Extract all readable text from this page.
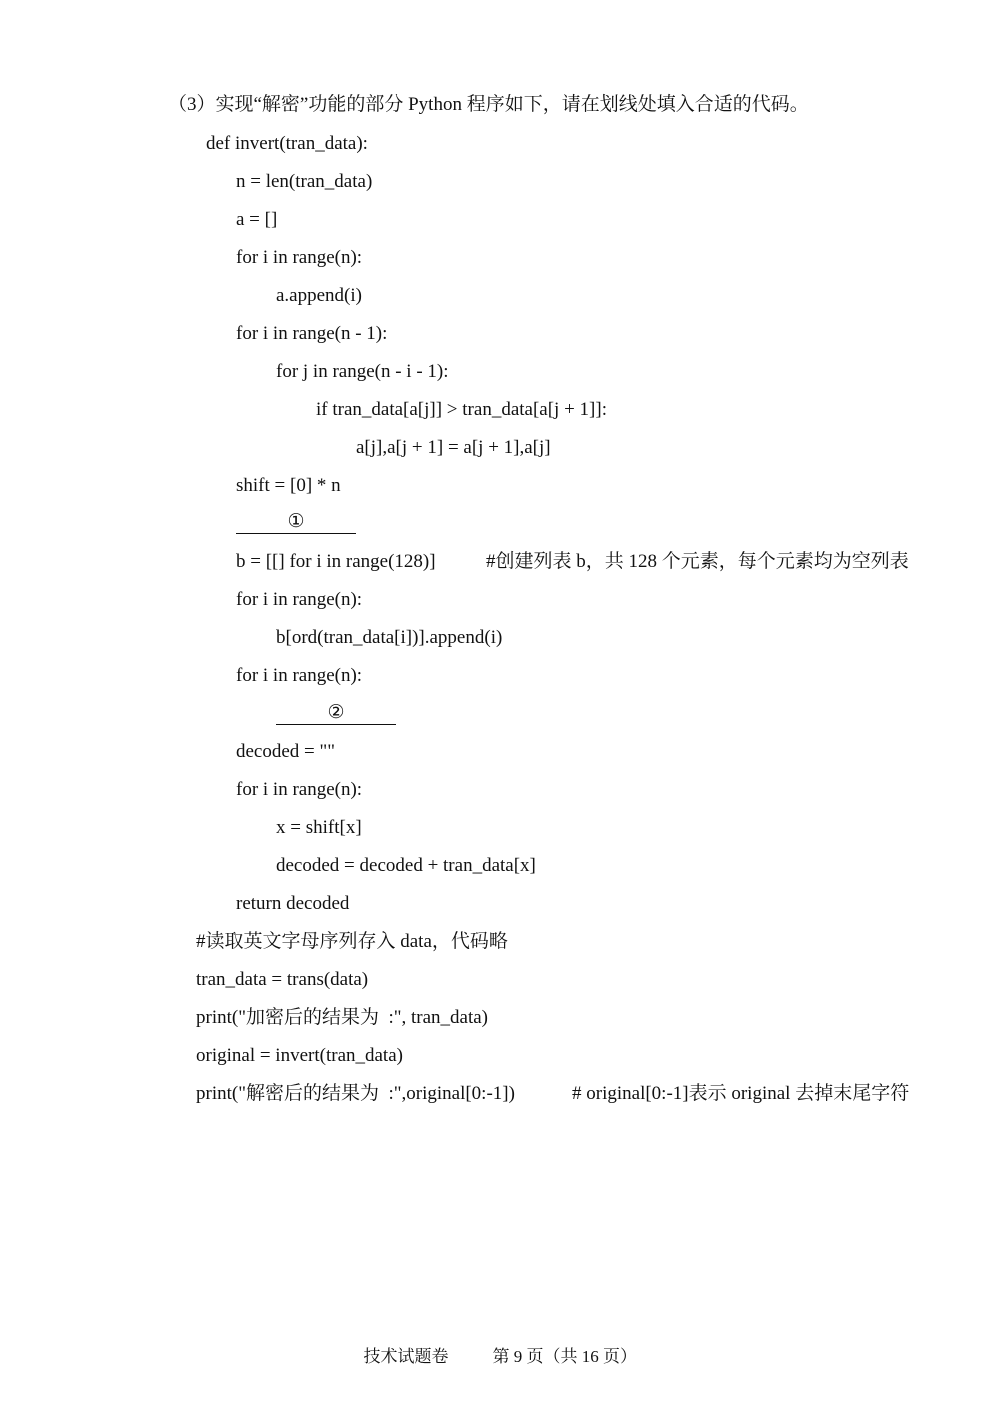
（3）实现“解密”功能的部分 Python 程序如下，请在划线处填入合适的代码。
def invert(tran_data):
n = len(tran_data)
a = []
for i in range(n):
a.append(i)
for i in range(n - 1):
for j in range(n - i - 1):
if tran_data[a[j]] > tran_data[a[j + 1]]:
a[j],a[j + 1] = a[j + 1],a[j]
shift = [0] * n
①
b = [[] for i in range(128)]	#创建列表 b，共 128 个元素，每个元素均为空列表
for i in range(n):
b[ord(tran_data[i])].append(i)
for i in range(n):
②
decoded = ""
for i in range(n):
x = shift[x]
decoded = decoded + tran_data[x]
return decoded
#读取英文字母序列存入 data，代码略
tran_data = trans(data)
print("加密后的结果为  :", tran_data)
original = invert(tran_data)
print("解密后的结果为  :",original[0:-1])	# original[0:-1]表示 original 去掉末尾字符

技术试题卷	第 9 页（共 16 页）
